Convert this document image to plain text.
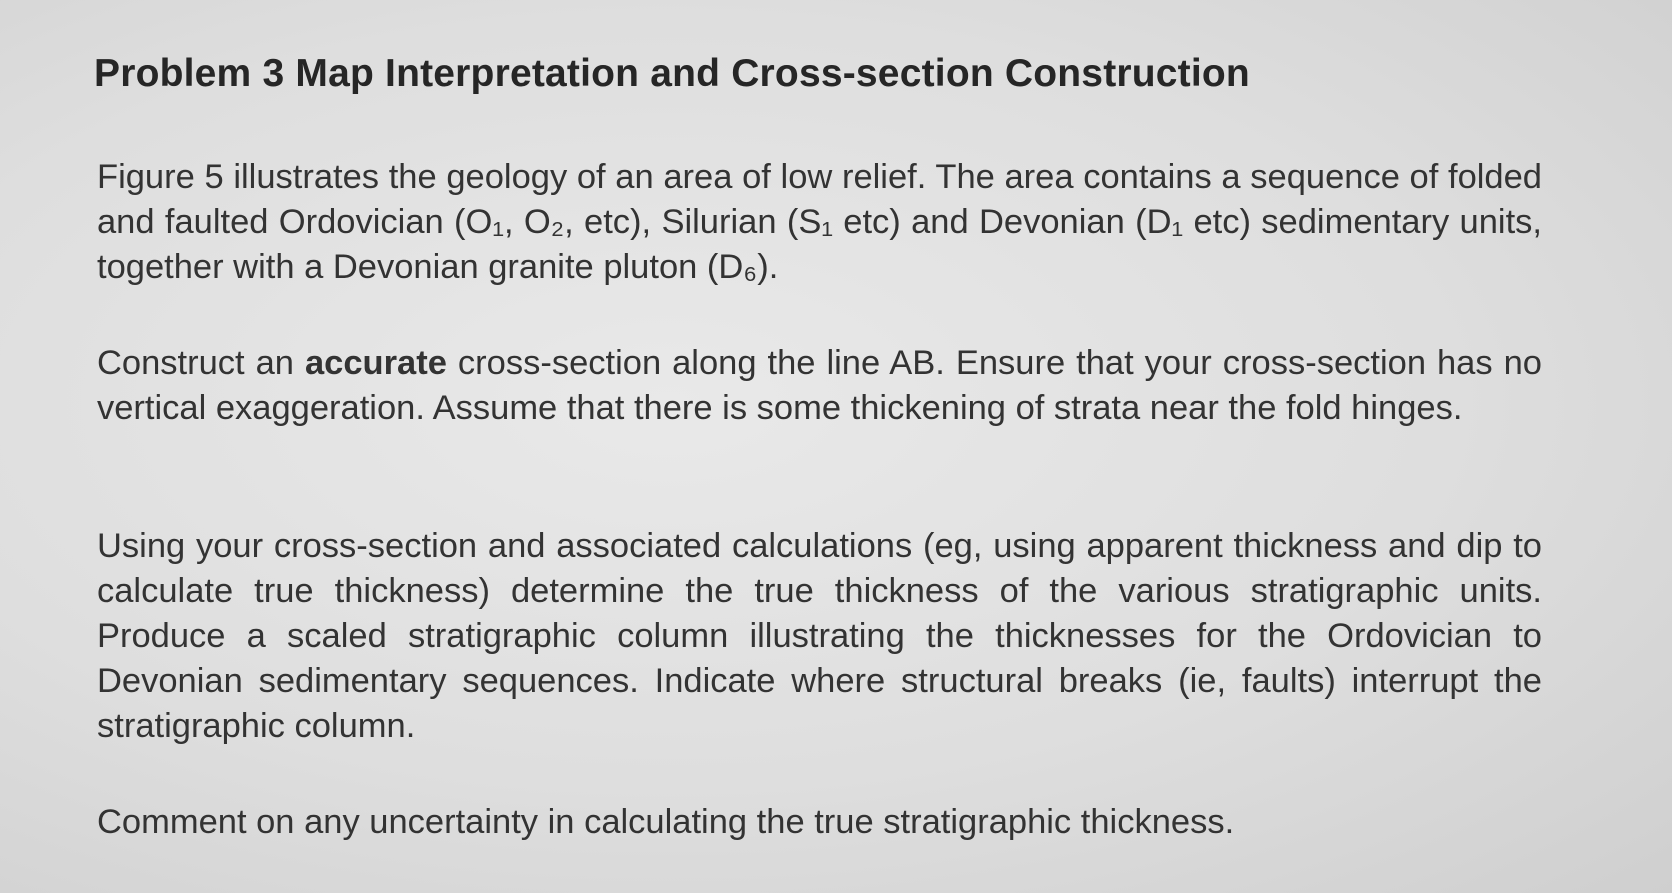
Problem 3 Map Interpretation and Cross-section Construction

Figure 5 illustrates the geology of an area of low relief. The area contains a sequence of folded and faulted Ordovician (O₁, O₂, etc), Silurian (S₁ etc) and Devonian (D₁ etc) sedimentary units, together with a Devonian granite pluton (D₆).

Construct an accurate cross-section along the line AB. Ensure that your cross-section has no vertical exaggeration. Assume that there is some thickening of strata near the fold hinges.

Using your cross-section and associated calculations (eg, using apparent thickness and dip to calculate true thickness) determine the true thickness of the various stratigraphic units. Produce a scaled stratigraphic column illustrating the thicknesses for the Ordovician to Devonian sedimentary sequences. Indicate where structural breaks (ie, faults) interrupt the stratigraphic column.

Comment on any uncertainty in calculating the true stratigraphic thickness.
